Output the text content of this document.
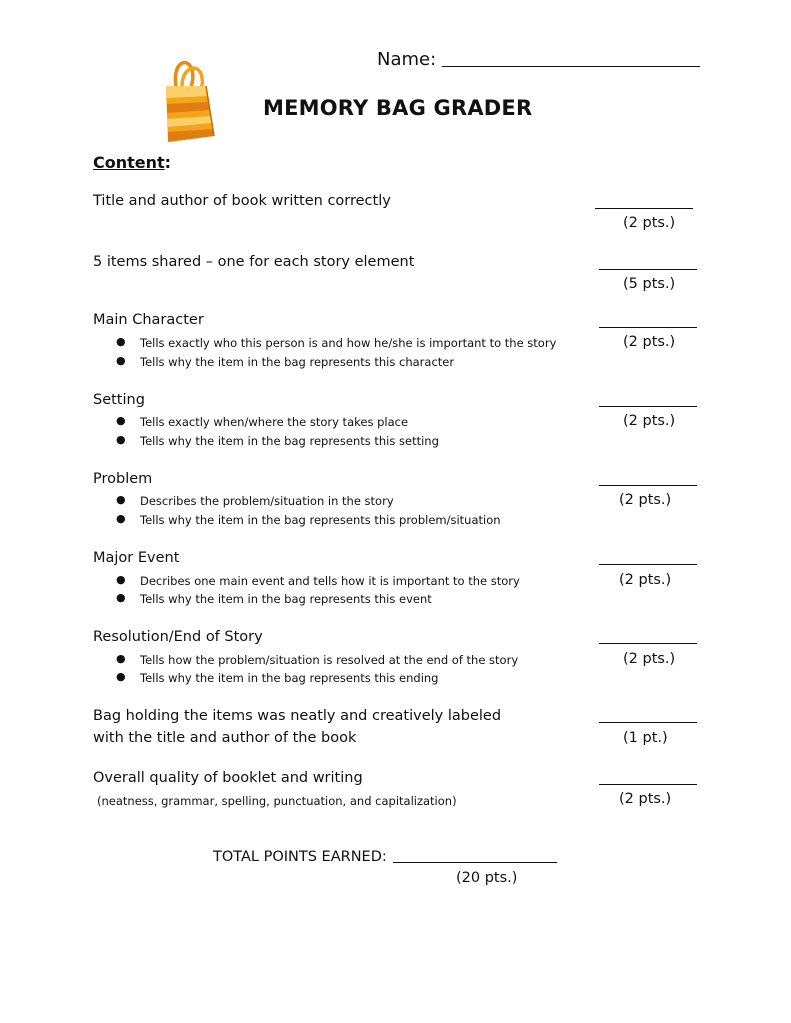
Name:
MEMORY BAG GRADER
Content:
Title and author of book written correctly
(2 pts.)
5 items shared – one for each story element
(5 pts.)
Main Character
● Tells exactly who this person is and how he/she is important to the story
● Tells why the item in the bag represents this character
(2 pts.)
Setting
● Tells exactly when/where the story takes place
● Tells why the item in the bag represents this setting
(2 pts.)
Problem
● Describes the problem/situation in the story
● Tells why the item in the bag represents this problem/situation
(2 pts.)
Major Event
● Decribes one main event and tells how it is important to the story
● Tells why the item in the bag represents this event
(2 pts.)
Resolution/End of Story
● Tells how the problem/situation is resolved at the end of the story
● Tells why the item in the bag represents this ending
(2 pts.)
Bag holding the items was neatly and creatively labeled
with the title and author of the book	(1 pt.)
Overall quality of booklet and writing
(neatness, grammar, spelling, punctuation, and capitalization)	(2 pts.)
TOTAL POINTS EARNED:
(20 pts.)
